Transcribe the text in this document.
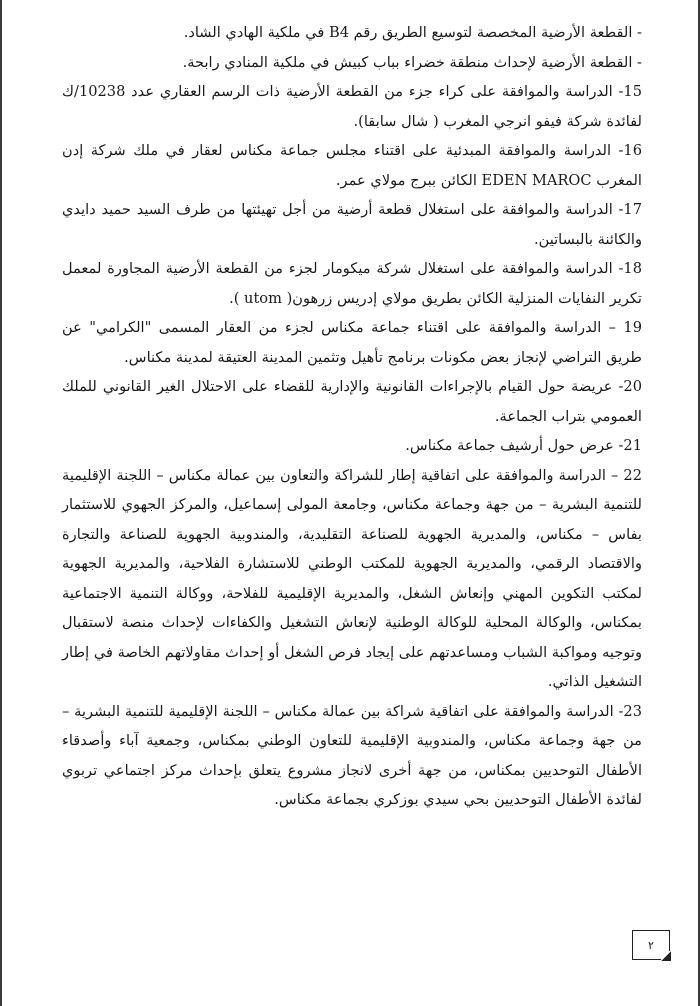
- القطعة الأرضية المخصصة لتوسيع الطريق رقم B4 في ملكية الهادي الشاد.

- القطعة الأرضية لإحداث منطقة خضراء بباب كبيش في ملكية المنادي رابحة.

15- الدراسة والموافقة على كراء جزء من القطعة الأرضية ذات الرسم العقاري عدد 10238/ك لفائدة شركة فيفو انرجي المغرب ( شال سابقا).

16- الدراسة والموافقة المبدئية على اقتناء مجلس جماعة مكناس لعقار في ملك شركة إدن المغرب EDEN MAROC الكائن ببرج مولاي عمر.

17- الدراسة والموافقة على استغلال قطعة أرضية من أجل تهيئتها من طرف السيد حميد دايدي والكائنة بالبساتين.

18- الدراسة والموافقة على استغلال شركة ميكومار لجزء من القطعة الأرضية المجاورة لمعمل تكرير النفايات المنزلية الكائن بطريق مولاي إدريس زرهون( utom ).

19 – الدراسة والموافقة على اقتناء جماعة مكناس لجزء من العقار المسمى "الكرامي" عن طريق التراضي لإنجاز بعض مكونات برنامج تأهيل وتثمين المدينة العتيقة لمدينة مكناس.

20- عريضة حول القيام بالإجراءات القانونية والإدارية للقضاء على الاحتلال الغير القانوني للملك العمومي بتراب الجماعة.

21- عرض حول أرشيف جماعة مكناس.

22 – الدراسة والموافقة على اتفاقية إطار للشراكة والتعاون بين عمالة مكناس – اللجنة الإقليمية للتنمية البشرية – من جهة وجماعة مكناس، وجامعة المولى إسماعيل، والمركز الجهوي للاستثمار بفاس – مكناس، والمديرية الجهوية للصناعة التقليدية، والمندوبية الجهوية للصناعة والتجارة والاقتصاد الرقمي، والمديرية الجهوية للمكتب الوطني للاستشارة الفلاحية، والمديرية الجهوية لمكتب التكوين المهني وإنعاش الشغل، والمديرية الإقليمية للفلاحة، ووكالة التنمية الاجتماعية بمكناس، والوكالة المحلية للوكالة الوطنية لإنعاش التشغيل والكفاءات لإحداث منصة لاستقبال وتوجيه ومواكبة الشباب ومساعدتهم على إيجاد فرص الشغل أو إحداث مقاولاتهم الخاصة في إطار التشغيل الذاتي.

23- الدراسة والموافقة على اتفاقية شراكة بين عمالة مكناس – اللجنة الإقليمية للتنمية البشرية – من جهة وجماعة مكناس، والمندوبية الإقليمية للتعاون الوطني بمكناس، وجمعية آباء وأصدقاء الأطفال التوحديين بمكناس، من جهة أخرى لانجاز مشروع يتعلق بإحداث مركز اجتماعي تربوي لفائدة الأطفال التوحديين بحي سيدي بوزكري بجماعة مكناس.

٢
